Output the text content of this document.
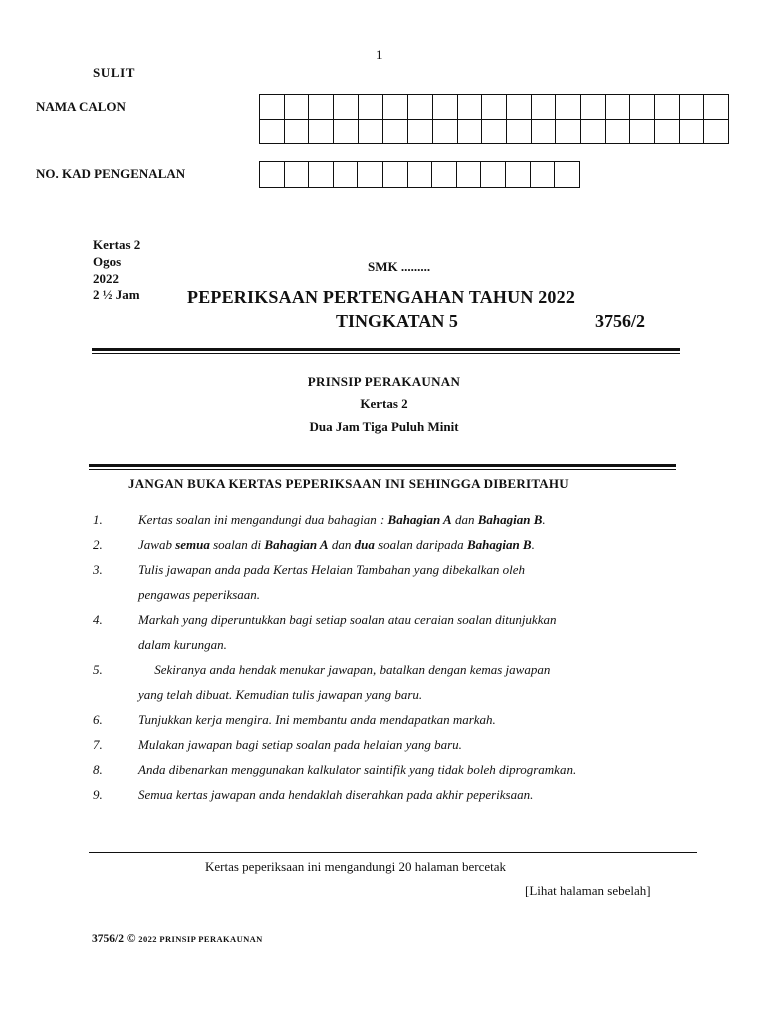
1
SULIT
NAMA CALON
NO. KAD PENGENALAN
Kertas 2
Ogos
2022
2 ½ Jam
SMK .........
PEPERIKSAAN PERTENGAHAN TAHUN 2022
TINGKATAN 5	3756/2
PRINSIP PERAKAUNAN
Kertas 2
Dua Jam Tiga Puluh Minit
JANGAN BUKA KERTAS PEPERIKSAAN INI SEHINGGA DIBERITAHU
1.	Kertas soalan ini mengandungi dua bahagian : Bahagian A dan Bahagian B.
2.	Jawab semua soalan di Bahagian A dan dua soalan daripada Bahagian B.
3.	Tulis jawapan anda pada Kertas Helaian Tambahan yang dibekalkan oleh
pengawas peperiksaan.
4.	Markah yang diperuntukkan bagi setiap soalan atau ceraian soalan ditunjukkan
dalam kurungan.
5.	Sekiranya anda hendak menukar jawapan, batalkan dengan kemas jawapan
yang telah dibuat. Kemudian tulis jawapan yang baru.
6.	Tunjukkan kerja mengira. Ini membantu anda mendapatkan markah.
7.	Mulakan jawapan bagi setiap soalan pada helaian yang baru.
8.	Anda dibenarkan menggunakan kalkulator saintifik yang tidak boleh diprogramkan.
9.	Semua kertas jawapan anda hendaklah diserahkan pada akhir peperiksaan.
Kertas peperiksaan ini mengandungi 20 halaman bercetak
[Lihat halaman sebelah]
3756/2 © 2022 PRINSIP PERAKAUNAN
